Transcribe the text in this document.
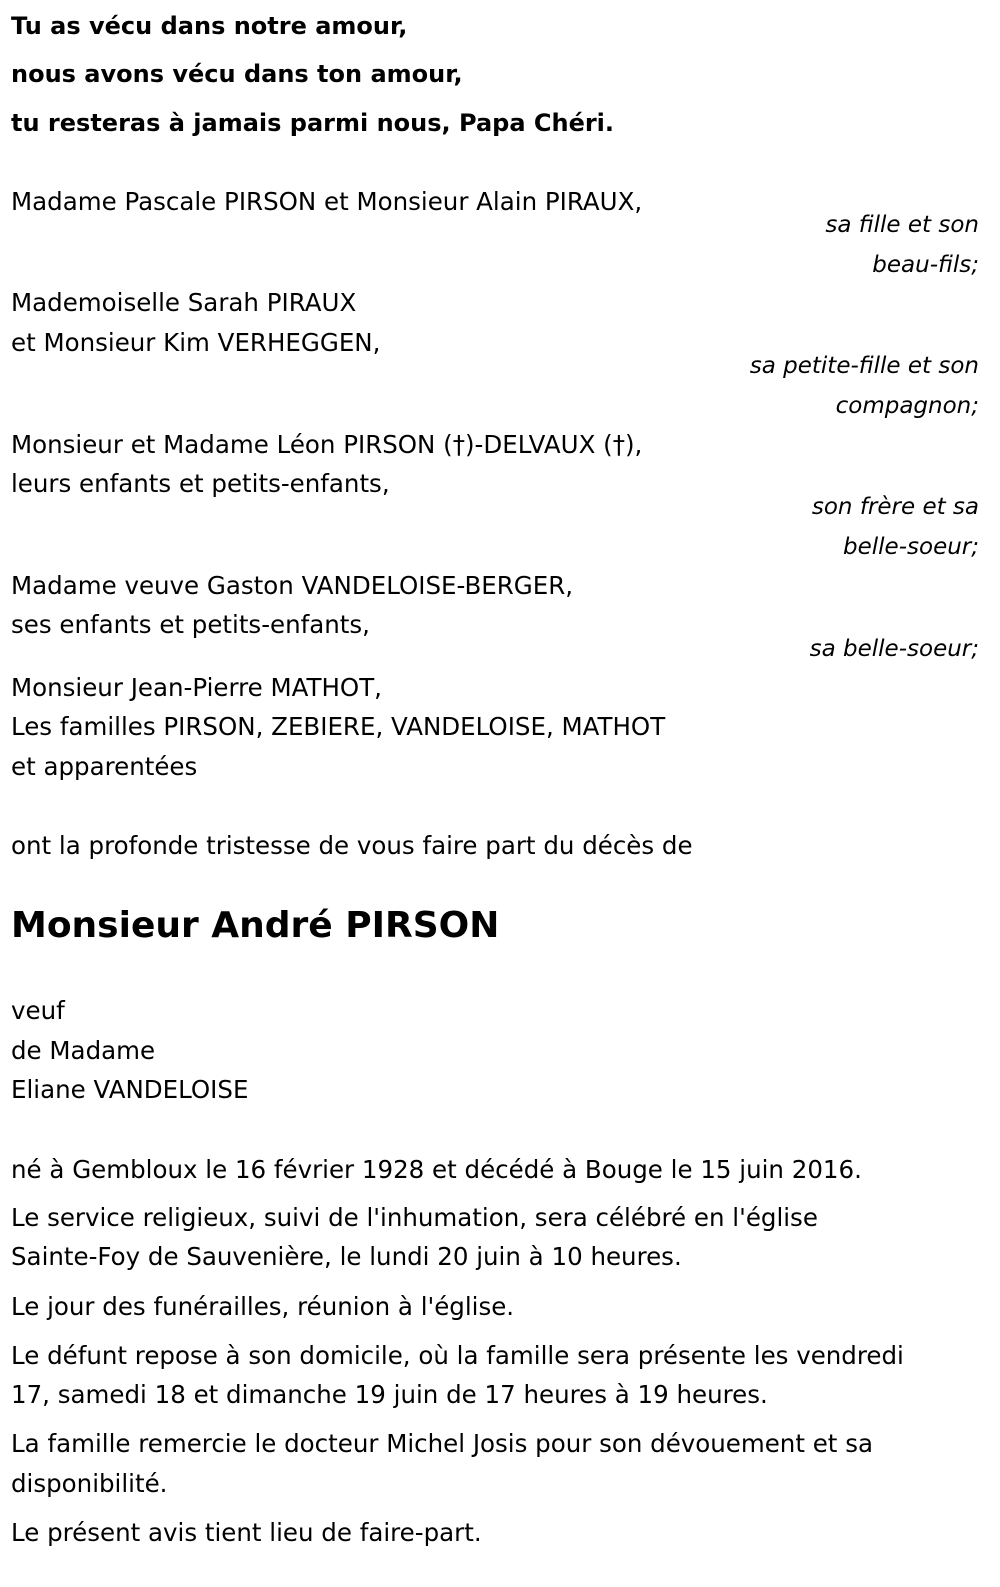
Tu as vécu dans notre amour,
nous avons vécu dans ton amour,
tu resteras à jamais parmi nous, Papa Chéri.
Madame Pascale PIRSON et Monsieur Alain PIRAUX,
sa fille et son
beau-fils;
Mademoiselle Sarah PIRAUX
et Monsieur Kim VERHEGGEN,
sa petite-fille et son
compagnon;
Monsieur et Madame Léon PIRSON (†)-DELVAUX (†),
leurs enfants et petits-enfants,
son frère et sa
belle-soeur;
Madame veuve Gaston VANDELOISE-BERGER,
ses enfants et petits-enfants,
sa belle-soeur;
Monsieur Jean-Pierre MATHOT,
Les familles PIRSON, ZEBIERE, VANDELOISE, MATHOT
et apparentées
ont la profonde tristesse de vous faire part du décès de
Monsieur André PIRSON
veuf
de Madame
Eliane VANDELOISE
né à Gembloux le 16 février 1928 et décédé à Bouge le 15 juin 2016.
Le service religieux, suivi de l'inhumation, sera célébré en l'église
Sainte-Foy de Sauvenière, le lundi 20 juin à 10 heures.
Le jour des funérailles, réunion à l'église.
Le défunt repose à son domicile, où la famille sera présente les vendredi
17, samedi 18 et dimanche 19 juin de 17 heures à 19 heures.
La famille remercie le docteur Michel Josis pour son dévouement et sa
disponibilité.
Le présent avis tient lieu de faire-part.
